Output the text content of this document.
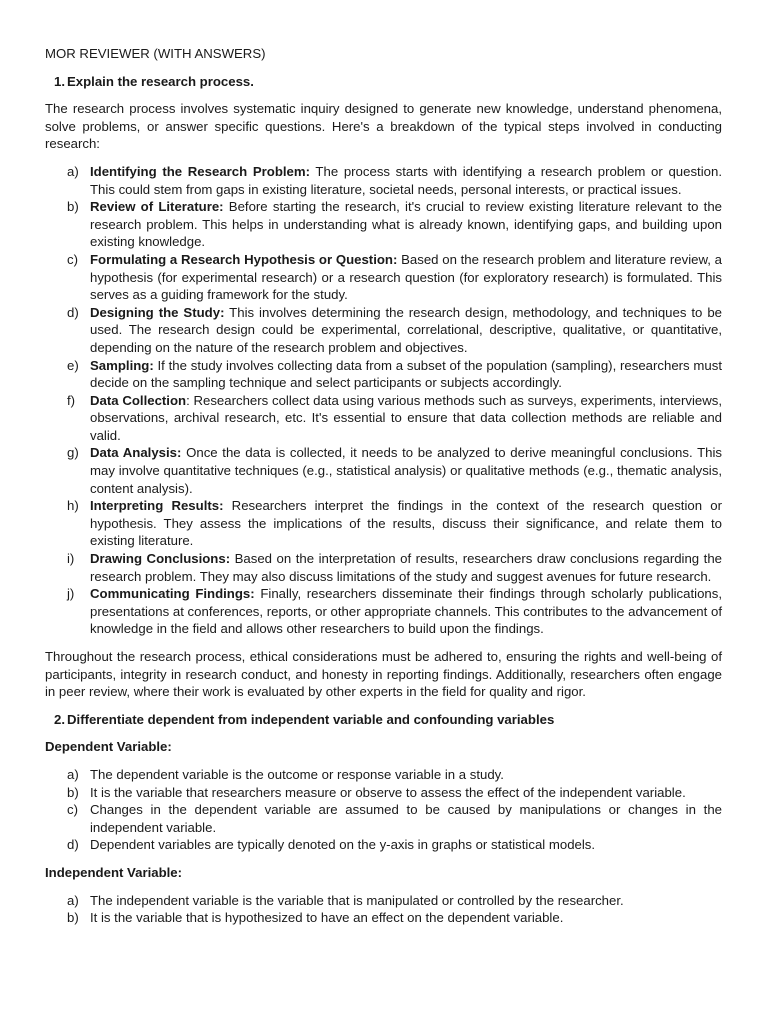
MOR REVIEWER (WITH ANSWERS)

1. Explain the research process.

The research process involves systematic inquiry designed to generate new knowledge, understand phenomena, solve problems, or answer specific questions. Here's a breakdown of the typical steps involved in conducting research:

a) Identifying the Research Problem: The process starts with identifying a research problem or question. This could stem from gaps in existing literature, societal needs, personal interests, or practical issues.
b) Review of Literature: Before starting the research, it's crucial to review existing literature relevant to the research problem. This helps in understanding what is already known, identifying gaps, and building upon existing knowledge.
c) Formulating a Research Hypothesis or Question: Based on the research problem and literature review, a hypothesis (for experimental research) or a research question (for exploratory research) is formulated. This serves as a guiding framework for the study.
d) Designing the Study: This involves determining the research design, methodology, and techniques to be used. The research design could be experimental, correlational, descriptive, qualitative, or quantitative, depending on the nature of the research problem and objectives.
e) Sampling: If the study involves collecting data from a subset of the population (sampling), researchers must decide on the sampling technique and select participants or subjects accordingly.
f) Data Collection: Researchers collect data using various methods such as surveys, experiments, interviews, observations, archival research, etc. It's essential to ensure that data collection methods are reliable and valid.
g) Data Analysis: Once the data is collected, it needs to be analyzed to derive meaningful conclusions. This may involve quantitative techniques (e.g., statistical analysis) or qualitative methods (e.g., thematic analysis, content analysis).
h) Interpreting Results: Researchers interpret the findings in the context of the research question or hypothesis. They assess the implications of the results, discuss their significance, and relate them to existing literature.
i) Drawing Conclusions: Based on the interpretation of results, researchers draw conclusions regarding the research problem. They may also discuss limitations of the study and suggest avenues for future research.
j) Communicating Findings: Finally, researchers disseminate their findings through scholarly publications, presentations at conferences, reports, or other appropriate channels. This contributes to the advancement of knowledge in the field and allows other researchers to build upon the findings.

Throughout the research process, ethical considerations must be adhered to, ensuring the rights and well-being of participants, integrity in research conduct, and honesty in reporting findings. Additionally, researchers often engage in peer review, where their work is evaluated by other experts in the field for quality and rigor.

2. Differentiate dependent from independent variable and confounding variables

Dependent Variable:

a) The dependent variable is the outcome or response variable in a study.
b) It is the variable that researchers measure or observe to assess the effect of the independent variable.
c) Changes in the dependent variable are assumed to be caused by manipulations or changes in the independent variable.
d) Dependent variables are typically denoted on the y-axis in graphs or statistical models.

Independent Variable:

a) The independent variable is the variable that is manipulated or controlled by the researcher.
b) It is the variable that is hypothesized to have an effect on the dependent variable.
